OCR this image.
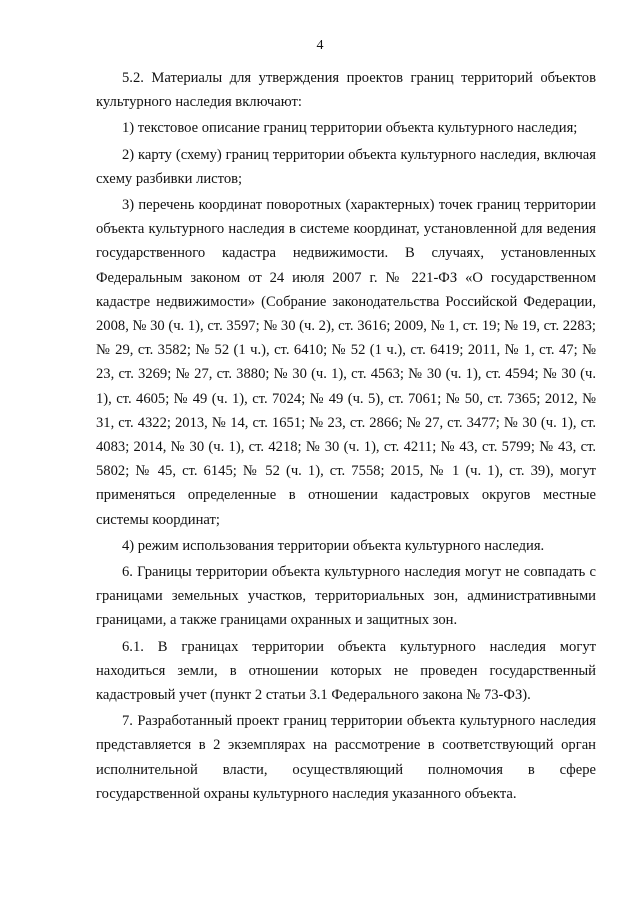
4

5.2. Материалы для утверждения проектов границ территорий объектов культурного наследия включают:

1) текстовое описание границ территории объекта культурного наследия;

2) карту (схему) границ территории объекта культурного наследия, включая схему разбивки листов;

3) перечень координат поворотных (характерных) точек границ территории объекта культурного наследия в системе координат, установленной для ведения государственного кадастра недвижимости. В случаях, установленных Федеральным законом от 24 июля 2007 г. № 221-ФЗ «О государственном кадастре недвижимости» (Собрание законодательства Российской Федерации, 2008, № 30 (ч. 1), ст. 3597; № 30 (ч. 2), ст. 3616; 2009, № 1, ст. 19; № 19, ст. 2283; № 29, ст. 3582; № 52 (1 ч.), ст. 6410; № 52 (1 ч.), ст. 6419; 2011, № 1, ст. 47; № 23, ст. 3269; № 27, ст. 3880; № 30 (ч. 1), ст. 4563; № 30 (ч. 1), ст. 4594; № 30 (ч. 1), ст. 4605; № 49 (ч. 1), ст. 7024; № 49 (ч. 5), ст. 7061; № 50, ст. 7365; 2012, № 31, ст. 4322; 2013, № 14, ст. 1651; № 23, ст. 2866; № 27, ст. 3477; № 30 (ч. 1), ст. 4083; 2014, № 30 (ч. 1), ст. 4218; № 30 (ч. 1), ст. 4211; № 43, ст. 5799; № 43, ст. 5802; № 45, ст. 6145; № 52 (ч. 1), ст. 7558; 2015, № 1 (ч. 1), ст. 39), могут применяться определенные в отношении кадастровых округов местные системы координат;

4) режим использования территории объекта культурного наследия.

6. Границы территории объекта культурного наследия могут не совпадать с границами земельных участков, территориальных зон, административными границами, а также границами охранных и защитных зон.

6.1. В границах территории объекта культурного наследия могут находиться земли, в отношении которых не проведен государственный кадастровый учет (пункт 2 статьи 3.1 Федерального закона № 73-ФЗ).

7. Разработанный проект границ территории объекта культурного наследия представляется в 2 экземплярах на рассмотрение в соответствующий орган исполнительной власти, осуществляющий полномочия в сфере государственной охраны культурного наследия указанного объекта.
